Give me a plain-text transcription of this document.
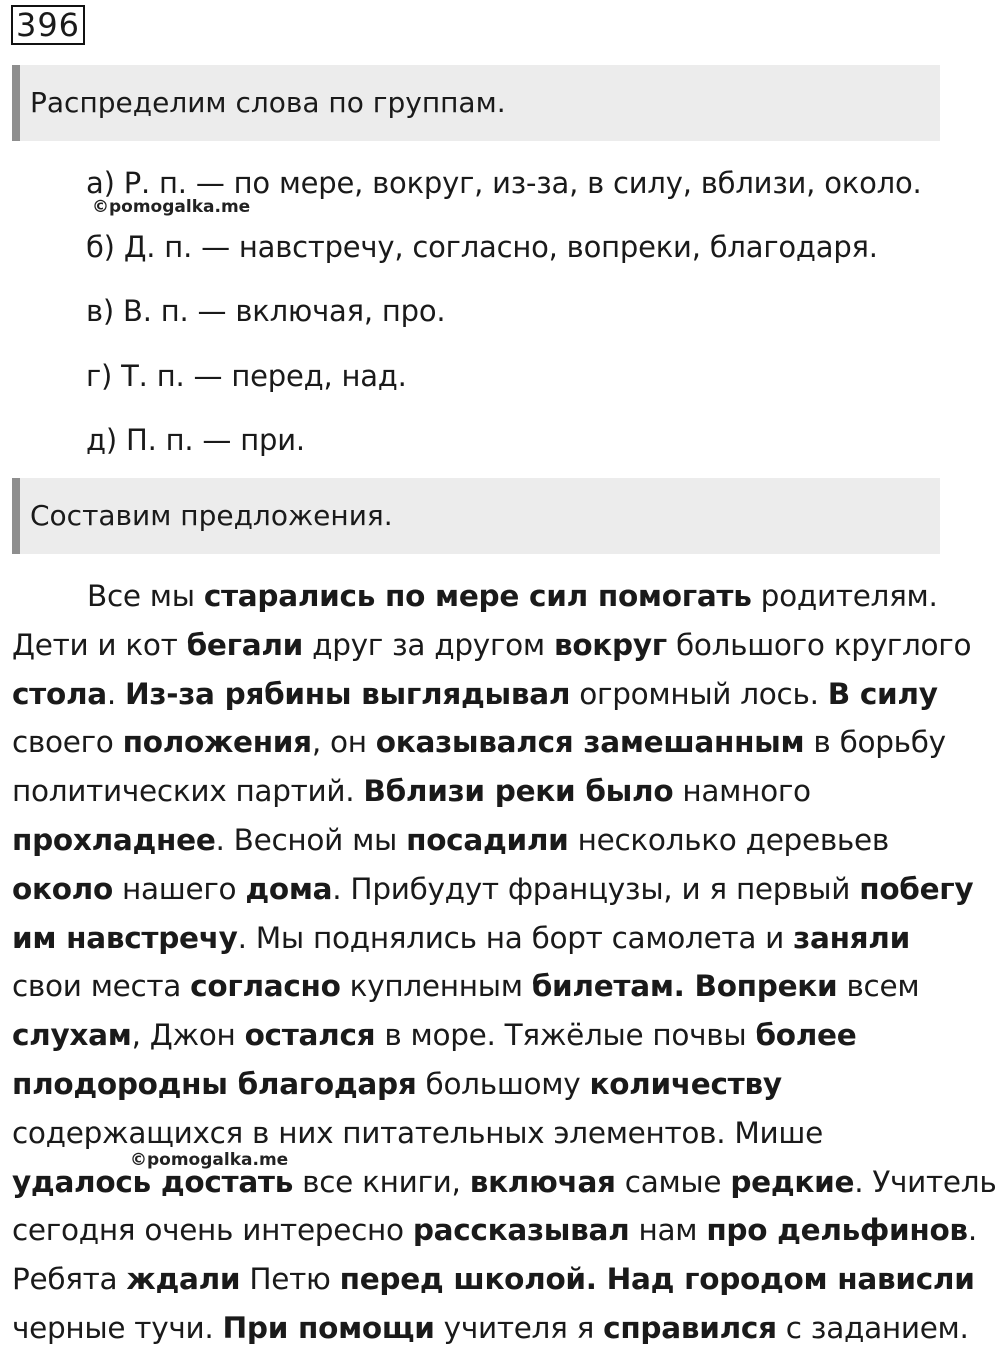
396
Распределим слова по группам.
а) Р. п. — по мере, вокруг, из-за, в силу, вблизи, около.
©pomogalka.me
б) Д. п. — навстречу, согласно, вопреки, благодаря.
в) В. п. — включая, про.
г) Т. п. — перед, над.
д) П. п. — при.
Составим предложения.
Все мы старались по мере сил помогать родителям.
Дети и кот бегали друг за другом вокруг большого круглого
стола. Из-за рябины выглядывал огромный лось. В силу
своего положения, он оказывался замешанным в борьбу
политических партий. Вблизи реки было намного
прохладнее. Весной мы посадили несколько деревьев
около нашего дома. Прибудут французы, и я первый побегу
им навстречу. Мы поднялись на борт самолета и заняли
свои места согласно купленным билетам. Вопреки всем
слухам, Джон остался в море. Тяжёлые почвы более
плодородны благодаря большому количеству
содержащихся в них питательных элементов. Мише
удалось достать все книги, включая самые редкие. Учитель
сегодня очень интересно рассказывал нам про дельфинов.
Ребята ждали Петю перед школой. Над городом нависли
черные тучи. При помощи учителя я справился с заданием.
©pomogalka.me
